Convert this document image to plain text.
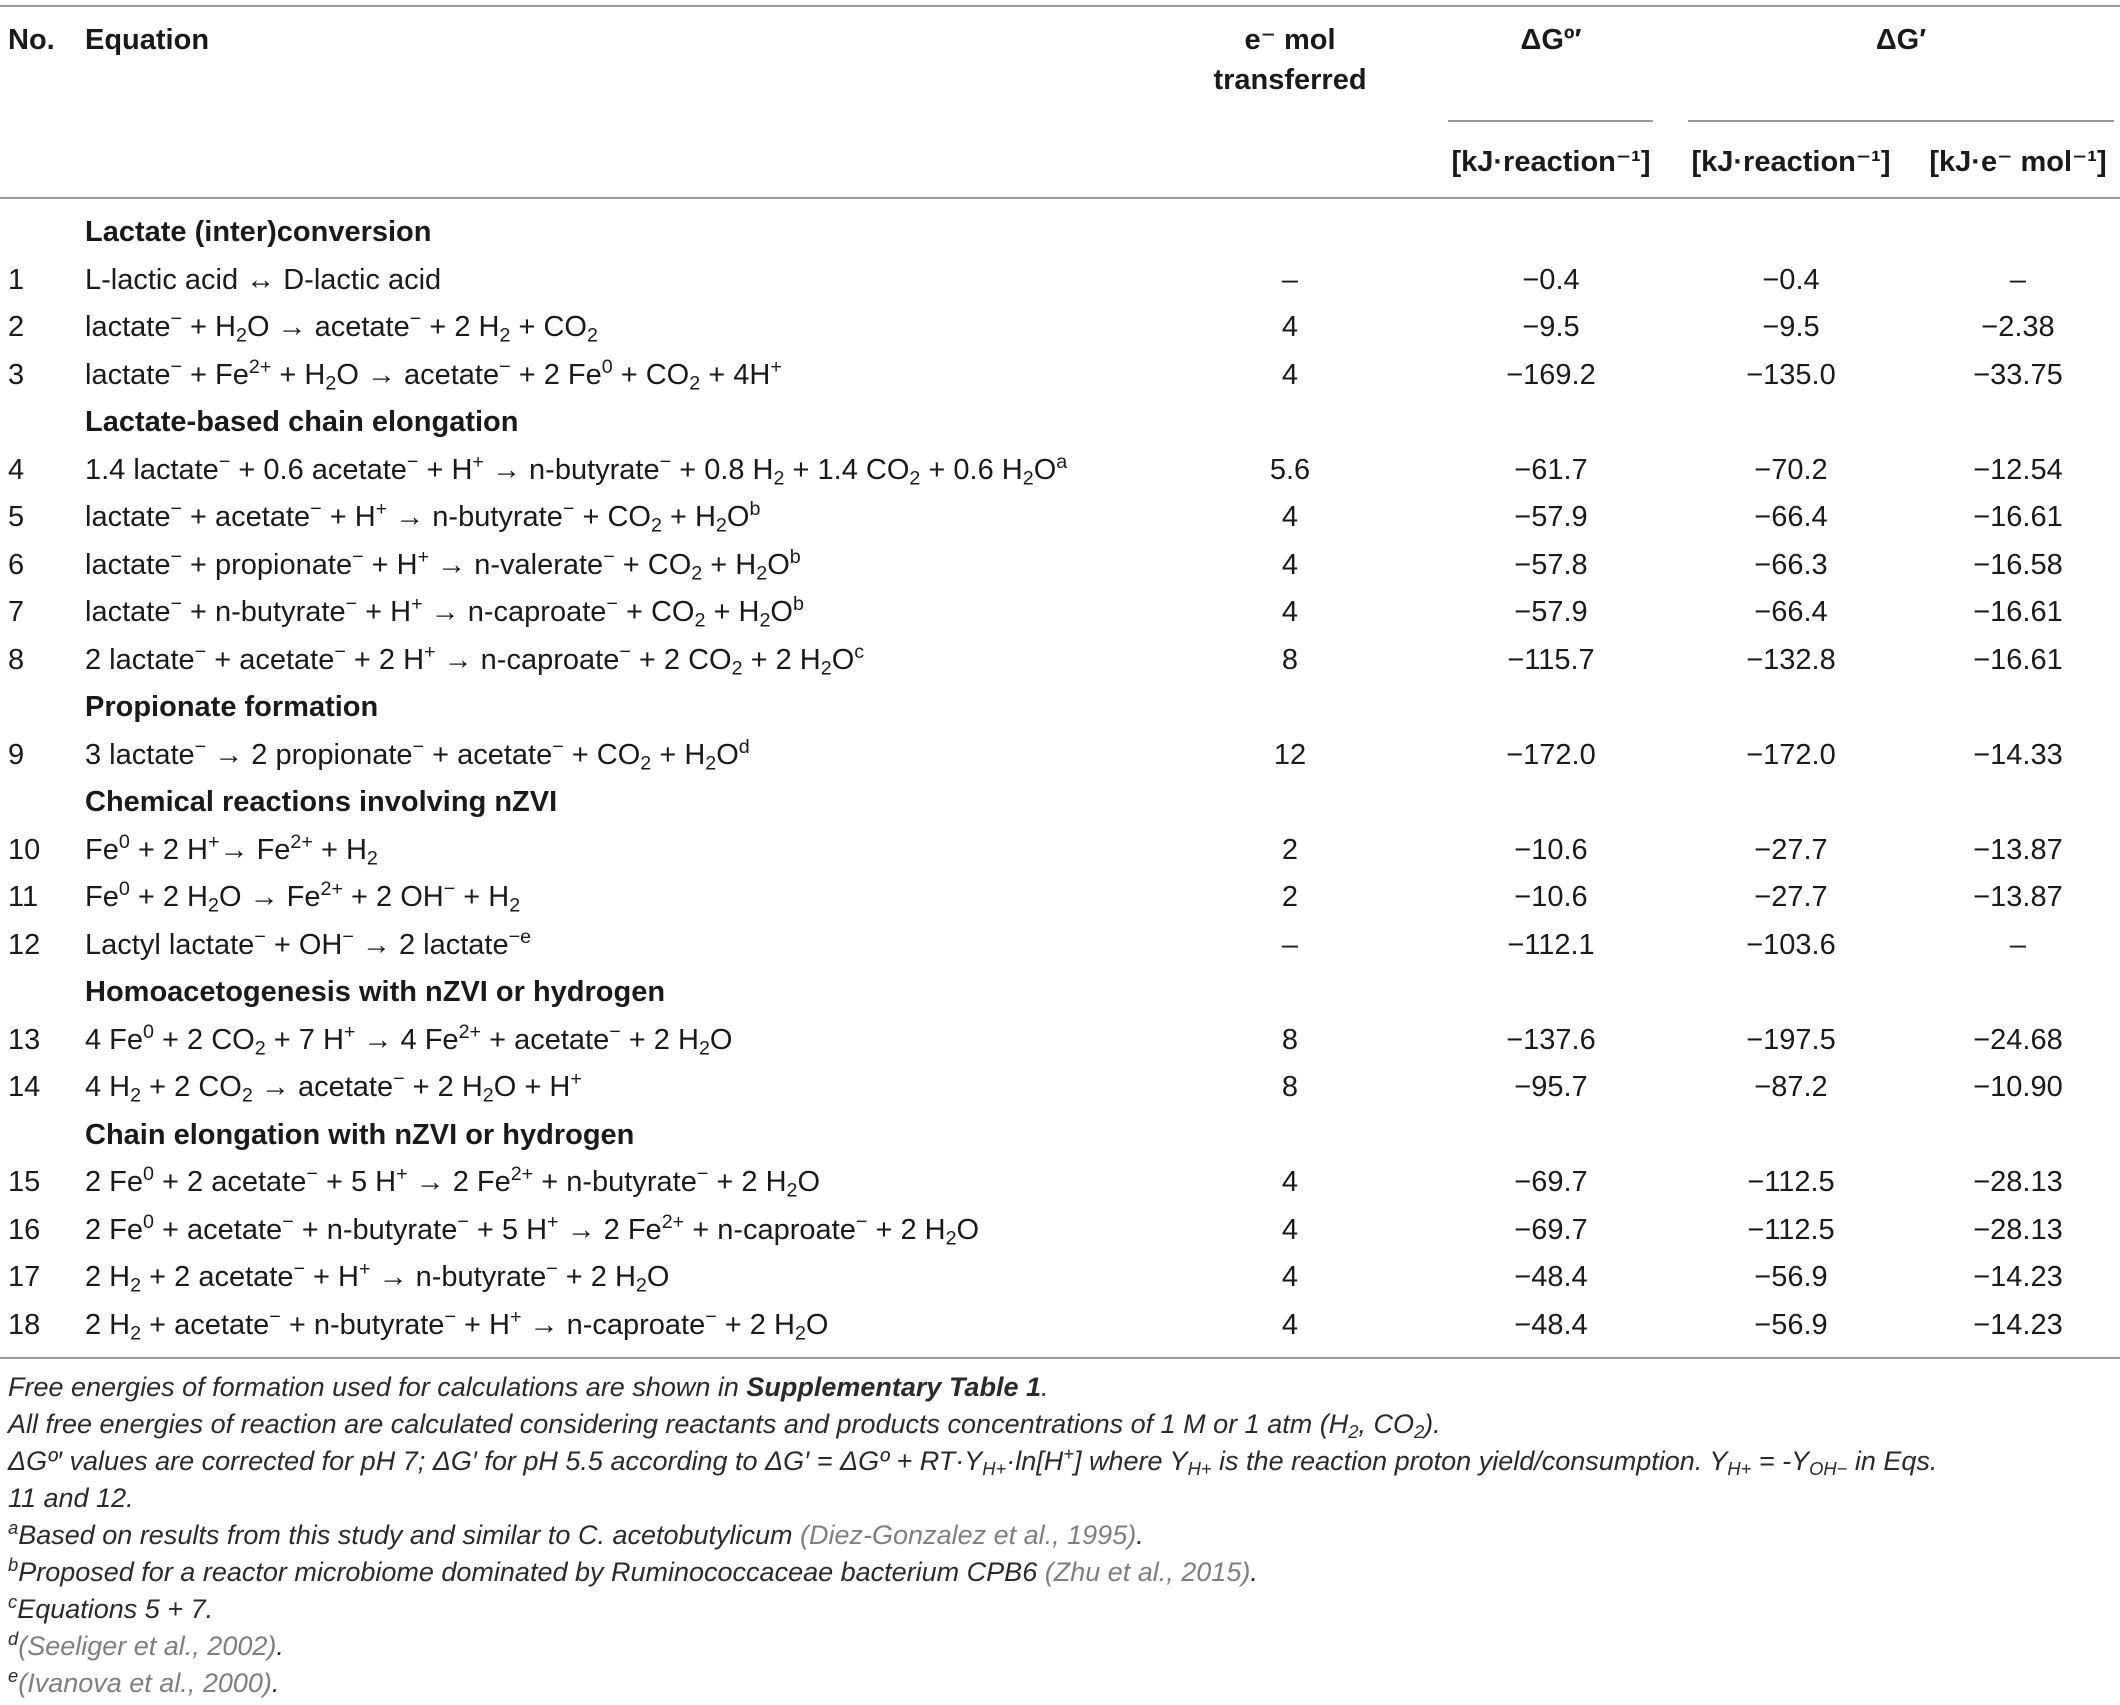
No. Equation	e⁻ mol
transferred
ΔGº′	ΔG′
[kJ·reaction⁻¹]	[kJ·reaction⁻¹]	[kJ·e⁻ mol⁻¹]
Lactate (inter)conversion
1	L-lactic acid ↔ D-lactic acid	–	−0.4	−0.4	–
2	lactate− + $H_2O$ → acetate− + 2 $H_2 + CO_2$	4	−9.5	−9.5	−2.38
3	lactate− + $Fe^{2+} + H_2O$ → acetate− + 2 $Fe^0 + CO_2 + 4H^+$	4	−169.2	−135.0	−33.75
Lactate-based chain elongation
4	1.4 lactate− + 0.6 acetate− + H+ → n-butyrate− + 0.8 $H_2 + 1.4$ $CO_2 + 0.6$ $H_2O^a$	5.6	−61.7	−70.2	−12.54
5	lactate− + acetate− + H+ → n-butyrate− + $CO_2 + H_2O^b$	4	−57.9	−66.4	−16.61
6	lactate− + propionate− + H+ → n-valerate− + $CO_2 + H_2O^b$	4	−57.8	−66.3	−16.58
7	lactate− + n-butyrate− + H+ → n-caproate− + $CO_2 + H_2O^b$	4	−57.9	−66.4	−16.61
8	2 lactate− + acetate− + 2 H+ → n-caproate− + 2 $CO_2 + 2$ $H_2O^c$	8	−115.7	−132.8	−16.61
Propionate formation
9	3 lactate− → 2 propionate− + acetate− + $CO_2 + H_2O^d$	12	−172.0	−172.0	−14.33
Chemical reactions involving nZVI
10	$Fe^0 + 2$ $H^+\to Fe^{2+} + H_2$	2	−10.6	−27.7	−13.87
11	$Fe^0 + 2$ $H_2O \to Fe^{2+} + 2$ $OH^- + H_2$	2	−10.6	−27.7	−13.87
12	Lactyl lactate− + OH− → 2 lactate$^{-e}$	–	−112.1	−103.6	–
Homoacetogenesis with nZVI or hydrogen
13	4 $Fe^0 + 2$ $CO_2 + 7$ H+ → 4 $Fe^{2+}$ + acetate− + 2 $H_2O$	8	−137.6	−197.5	−24.68
14	4 $H_2 + 2$ $CO_2$ → acetate− + 2 $H_2O + H^+$	8	−95.7	−87.2	−10.90
Chain elongation with nZVI or hydrogen
15	2 $Fe^0 + 2$ acetate− + 5 H+ → 2 $Fe^{2+}$ + n-butyrate− + 2 $H_2O$	4	−69.7	−112.5	−28.13
16	2 $Fe^0$ + acetate− + n-butyrate− + 5 H+ → 2 $Fe^{2+}$ + n-caproate− + 2 $H_2O$	4	−69.7	−112.5	−28.13
17	2 $H_2 + 2$ acetate− + H+ → n-butyrate− + 2 $H_2O$	4	−48.4	−56.9	−14.23
18	2 $H_2$ + acetate− + n-butyrate− + H+ → n-caproate− + 2 $H_2O$	4	−48.4	−56.9	−14.23
Free energies of formation used for calculations are shown in Supplementary Table 1.
All free energies of reaction are calculated considering reactants and products concentrations of 1 M or 1 atm ($H_2$, $CO_2$).
ΔGº′ values are corrected for pH 7; ΔG′ for pH 5.5 according to ΔG′ = ΔGº + $RT\cdot Y_{H+}\cdot\ln[H^+]$ where $Y_{H+}$ is the reaction proton yield/consumption. $Y_{H+} = -Y_{OH-}$ in Eqs.
11 and 12.
$^a$Based on results from this study and similar to C. acetobutylicum (Diez-Gonzalez et al., 1995).
$^b$Proposed for a reactor microbiome dominated by Ruminococcaceae bacterium CPB6 (Zhu et al., 2015).
$^c$Equations 5 + 7.
$^d$(Seeliger et al., 2002).
$^e$(Ivanova et al., 2000).
